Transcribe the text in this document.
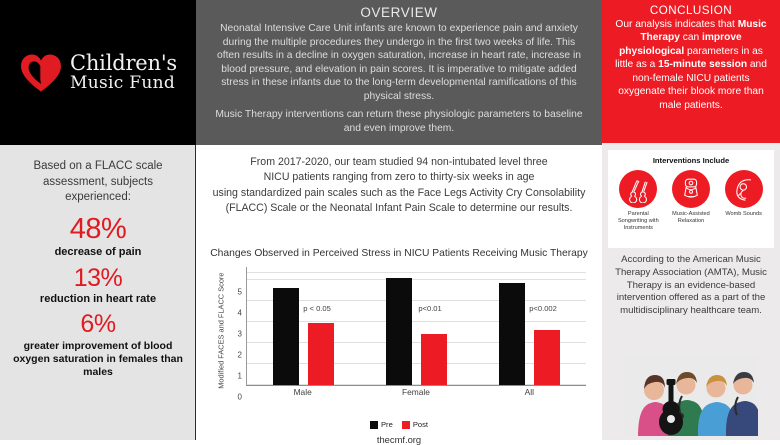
Children's
Music Fund
Based on a FLACC scale assessment, subjects experienced:
48%
decrease of pain
13%
reduction in heart rate
6%
greater improvement of blood oxygen saturation in females than males
OVERVIEW

Neonatal Intensive Care Unit infants are known to experience pain and anxiety during the multiple procedures they undergo in the first two weeks of life. This often results in a decline in oxygen saturation, increase in heart rate, increase in blood pressure, and elevation in pain scores. It is imperative to mitigate added stress in these infants due to the long-term developmental ramifications of this physical stress.

Music Therapy interventions can return these physiologic parameters to baseline and even improve them.

From 2017-2020, our team studied 94 non-intubated level three
NICU patients ranging from zero to thirty-six weeks in age
using standardized pain scales such as the Face Legs Activity Cry Consolability
(FLACC) Scale or the Neonatal Infant Pain Scale to determine our results.
Changes Observed in Perceived Stress in NICU Patients Receiving Music Therapy
Modified FACES and FLACC Score
0
1
2
3
4
5
p < 0.05	p<0.01	p<0.002
Male	Female	All
Pre	Post
thecmf.org
CONCLUSION
Our analysis indicates that Music Therapy can improve physiological parameters in as little as a 15-minute session and non-female NICU patients oxygenate their blook more than male patients.
Interventions Include
Parental Songwriting with Instruments
Music-Assisted Relaxation
Womb Sounds

According to the American Music Therapy Association (AMTA), Music Therapy is an evidence-based intervention offered as a part of the multidisciplinary healthcare team.
